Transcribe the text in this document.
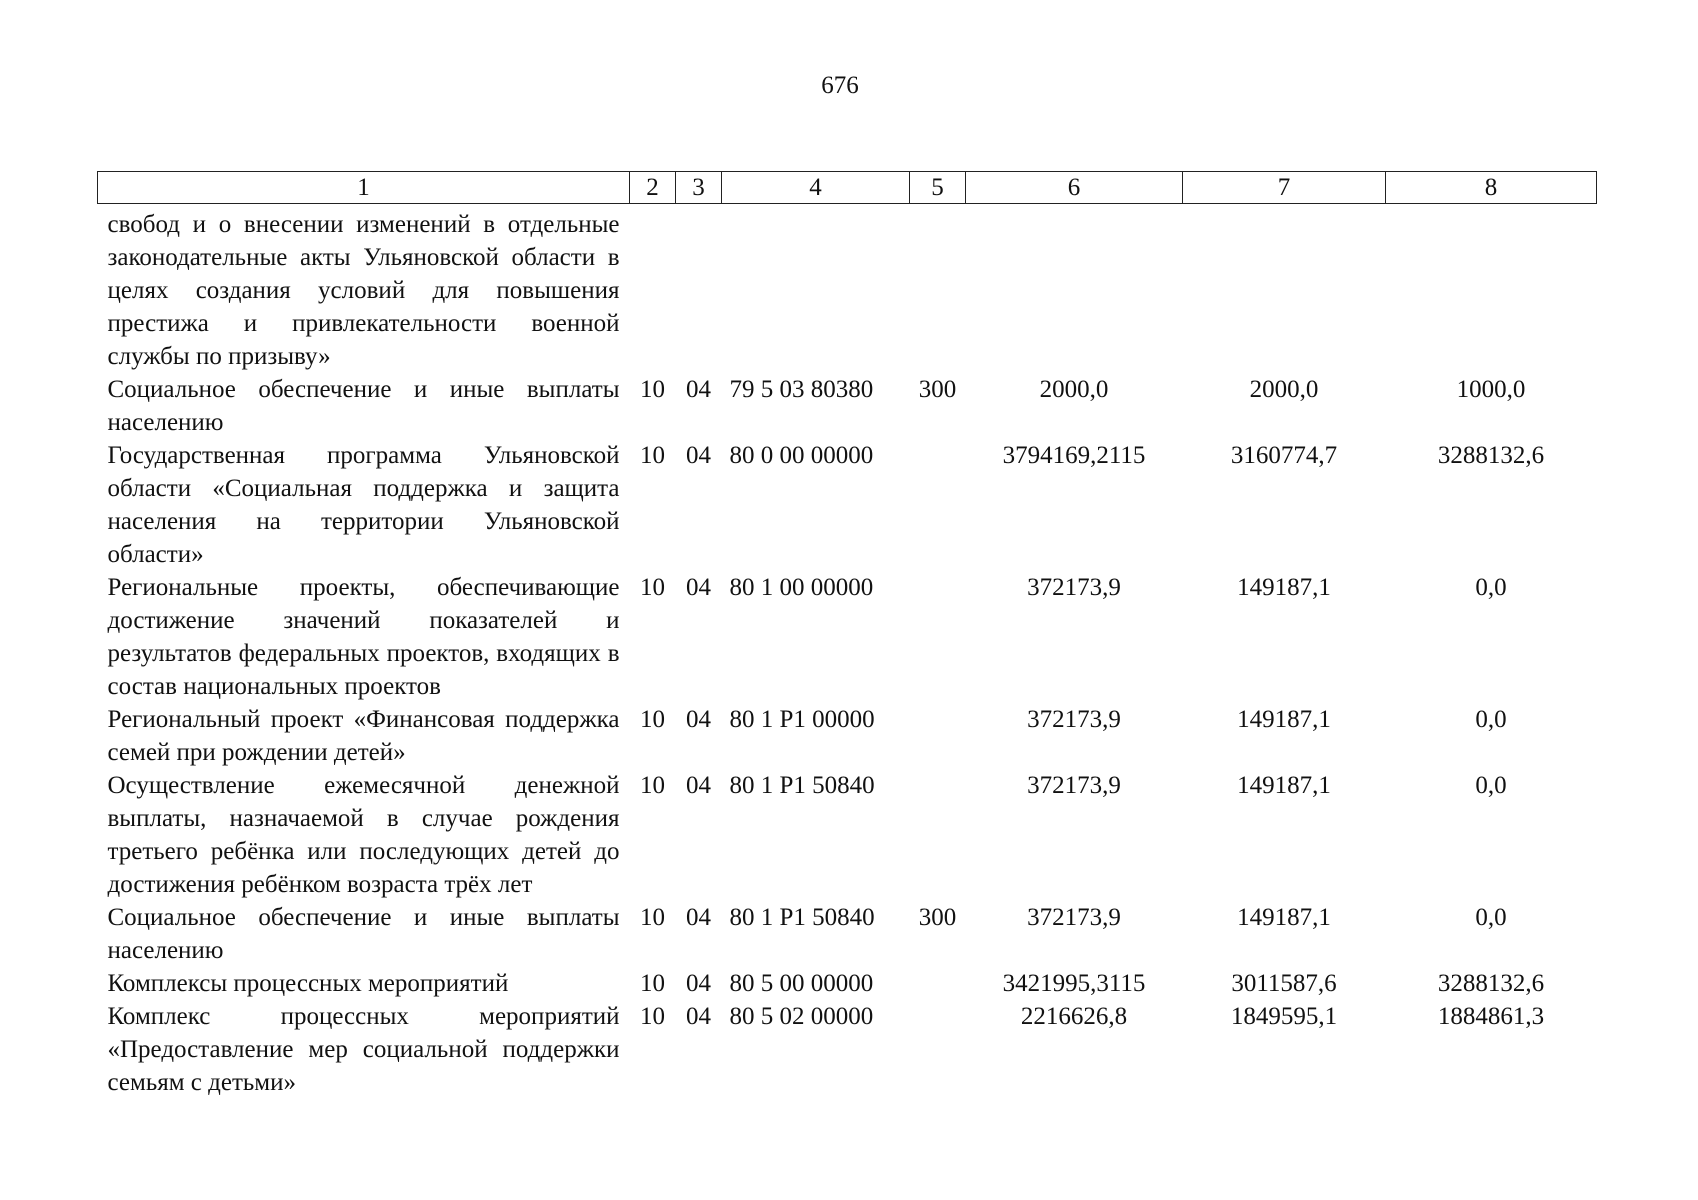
676
1	2	3	4	5	6	7	8

свобод и о внесении изменений в отдельные законодательные акты Ульяновской области в целях создания условий для повышения престижа и привлекательности военной службы по призыву»							
Социальное обеспечение и иные выплаты населению	10	04	79 5 03 80380	300	2000,0	2000,0	1000,0
Государственная программа Ульяновской области «Социальная поддержка и защита населения на территории Ульяновской области»	10	04	80 0 00 00000		3794169,2115	3160774,7	3288132,6
Региональные проекты, обеспечивающие достижение значений показателей и результатов федеральных проектов, входящих в состав национальных проектов	10	04	80 1 00 00000		372173,9	149187,1	0,0
Региональный проект «Финансовая поддержка семей при рождении детей»	10	04	80 1 P1 00000		372173,9	149187,1	0,0
Осуществление ежемесячной денежной выплаты, назначаемой в случае рождения третьего ребёнка или последующих детей до достижения ребёнком возраста трёх лет	10	04	80 1 P1 50840		372173,9	149187,1	0,0
Социальное обеспечение и иные выплаты населению	10	04	80 1 P1 50840	300	372173,9	149187,1	0,0
Комплексы процессных мероприятий	10	04	80 5 00 00000		3421995,3115	3011587,6	3288132,6
Комплекс процессных мероприятий «Предоставление мер социальной поддержки семьям с детьми»	10	04	80 5 02 00000		2216626,8	1849595,1	1884861,3
